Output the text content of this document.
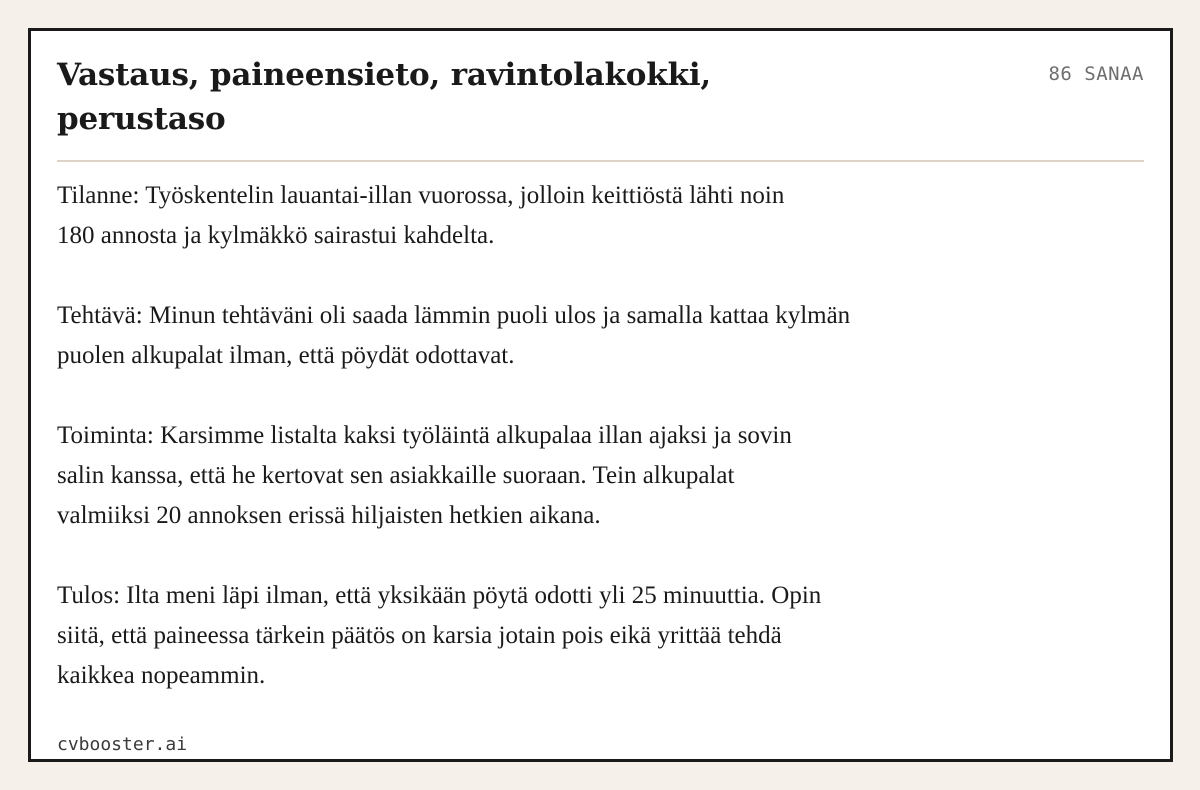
Vastaus, paineensieto, ravintolakokki,
perustaso
86 SANAA

Tilanne: Työskentelin lauantai-illan vuorossa, jolloin keittiöstä lähti noin
180 annosta ja kylmäkkö sairastui kahdelta.

Tehtävä: Minun tehtäväni oli saada lämmin puoli ulos ja samalla kattaa kylmän
puolen alkupalat ilman, että pöydät odottavat.

Toiminta: Karsimme listalta kaksi työläintä alkupalaa illan ajaksi ja sovin
salin kanssa, että he kertovat sen asiakkaille suoraan. Tein alkupalat
valmiiksi 20 annoksen erissä hiljaisten hetkien aikana.

Tulos: Ilta meni läpi ilman, että yksikään pöytä odotti yli 25 minuuttia. Opin
siitä, että paineessa tärkein päätös on karsia jotain pois eikä yrittää tehdä
kaikkea nopeammin.

cvbooster.ai
